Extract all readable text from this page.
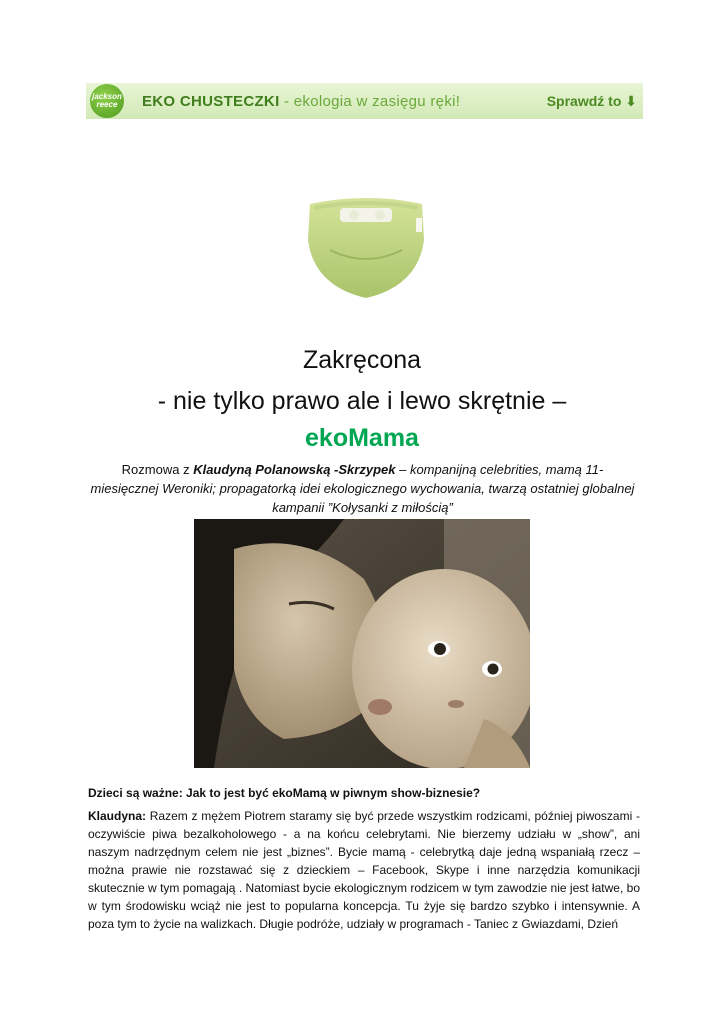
jackson
reece EKO CHUSTECZKI - ekologia w zasięgu ręki!	Sprawdź to ⬇
Zakręcona
- nie tylko prawo ale i lewo skrętnie –
ekoMama
Rozmowa z Klaudyną Polanowską -Skrzypek – kompanijną celebrities, mamą 11-miesięcznej Weroniki; propagatorką idei ekologicznego wychowania, twarzą ostatniej globalnej kampanii ”Kołysanki z miłością”
Dzieci są ważne: Jak to jest być ekoMamą w piwnym show-biznesie?
Klaudyna: Razem z mężem Piotrem staramy się być przede wszystkim rodzicami, później piwoszami - oczywiście piwa bezalkoholowego - a na końcu celebrytami. Nie bierzemy udziału w „show”, ani naszym nadrzędnym celem nie jest „biznes”. Bycie mamą - celebrytką daje jedną wspaniałą rzecz – można prawie nie rozstawać się z dzieckiem – Facebook, Skype i inne narzędzia komunikacji skutecznie w tym pomagają . Natomiast bycie ekologicznym rodzicem w tym zawodzie nie jest łatwe, bo w tym środowisku wciąż nie jest to popularna koncepcja. Tu żyje się bardzo szybko i intensywnie. A poza tym to życie na walizkach. Długie podróże, udziały w programach - Taniec z Gwiazdami, Dzień
